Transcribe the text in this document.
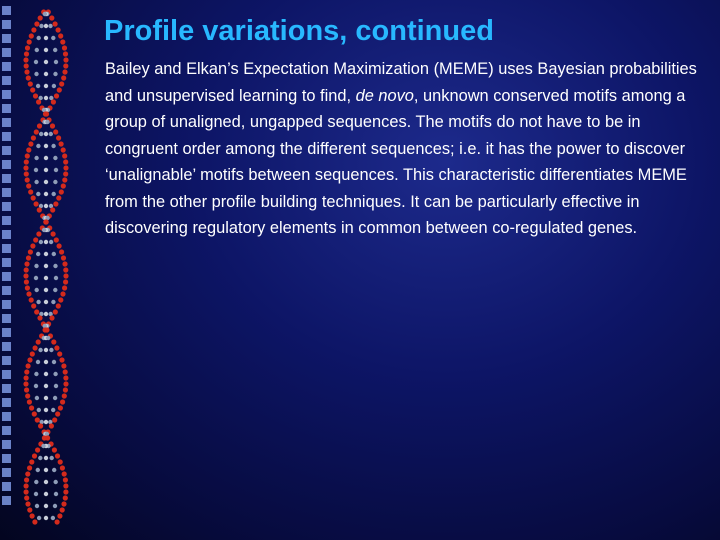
Profile variations, continued

Bailey and Elkan’s Expectation Maximization (MEME) uses Bayesian probabilities and unsupervised learning to find, de novo, unknown conserved motifs among a group of unaligned, ungapped sequences. The motifs do not have to be in congruent order among the different sequences; i.e. it has the power to discover ‘unalignable’ motifs between sequences. This characteristic differentiates MEME from the other profile building techniques. It can be particularly effective in discovering regulatory elements in common between co-regulated genes.
